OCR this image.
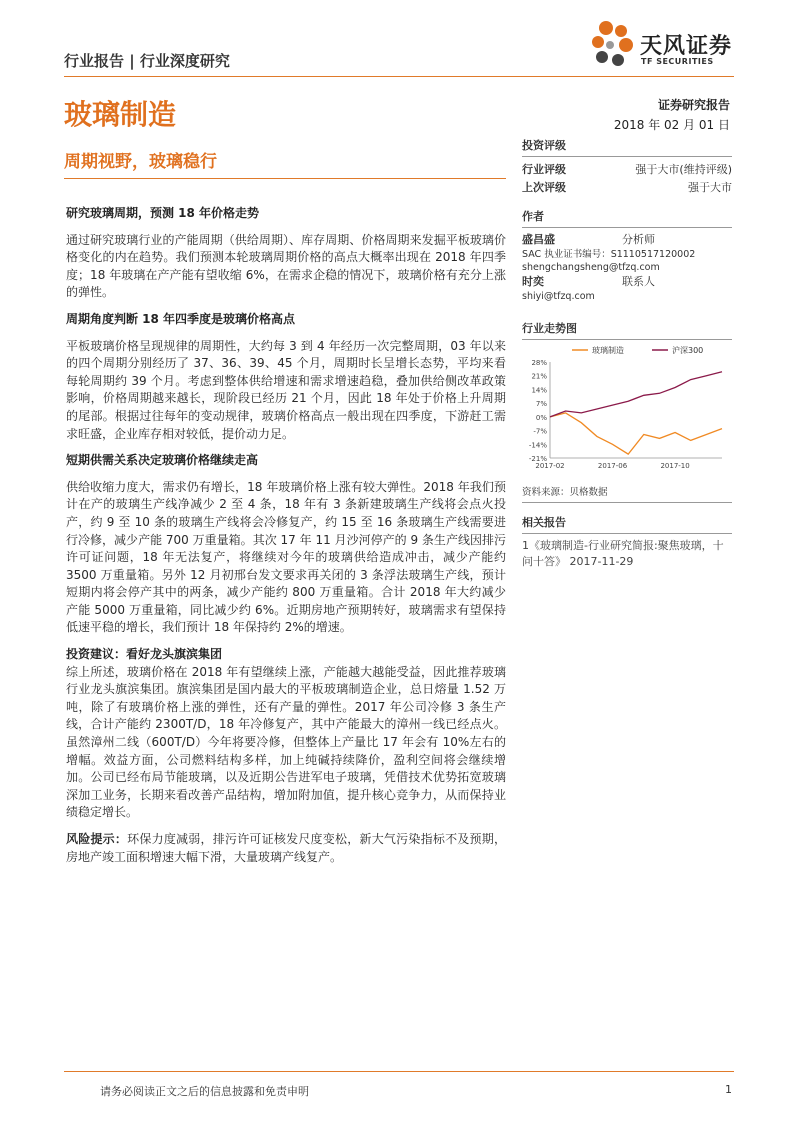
行业报告 | 行业深度研究
天风证券
TF SECURITIES
玻璃制造	证券研究报告
2018 年 02 月 01 日
周期视野，玻璃稳行
研究玻璃周期，预测 18 年价格走势

通过研究玻璃行业的产能周期（供给周期）、库存周期、价格周期来发掘平板玻璃价格变化的内在趋势。我们预测本轮玻璃周期价格的高点大概率出现在 2018 年四季度；18 年玻璃在产产能有望收缩 6%，在需求企稳的情况下，玻璃价格有充分上涨的弹性。

周期角度判断 18 年四季度是玻璃价格高点

平板玻璃价格呈现规律的周期性，大约每 3 到 4 年经历一次完整周期，03 年以来的四个周期分别经历了 37、36、39、45 个月，周期时长呈增长态势，平均来看每轮周期约 39 个月。考虑到整体供给增速和需求增速趋稳，叠加供给侧改革政策影响，价格周期越来越长，现阶段已经历 21 个月，因此 18 年处于价格上升周期的尾部。根据过往每年的变动规律，玻璃价格高点一般出现在四季度，下游赶工需求旺盛，企业库存相对较低，提价动力足。

短期供需关系决定玻璃价格继续走高

供给收缩力度大，需求仍有增长，18 年玻璃价格上涨有较大弹性。2018 年我们预计在产的玻璃生产线净减少 2 至 4 条，18 年有 3 条新建玻璃生产线将会点火投产，约 9 至 10 条的玻璃生产线将会冷修复产，约 15 至 16 条玻璃生产线需要进行冷修，减少产能 700 万重量箱。其次 17 年 11 月沙河停产的 9 条生产线因排污许可证问题，18 年无法复产，将继续对今年的玻璃供给造成冲击，减少产能约 3500 万重量箱。另外 12 月初邢台发文要求再关闭的 3 条浮法玻璃生产线，预计短期内将会停产其中的两条，减少产能约 800 万重量箱。合计 2018 年大约减少产能 5000 万重量箱，同比减少约 6%。近期房地产预期转好，玻璃需求有望保持低速平稳的增长，我们预计 18 年保持约 2%的增速。

投资建议：看好龙头旗滨集团

综上所述，玻璃价格在 2018 年有望继续上涨，产能越大越能受益，因此推荐玻璃行业龙头旗滨集团。旗滨集团是国内最大的平板玻璃制造企业，总日熔量 1.52 万吨，除了有玻璃价格上涨的弹性，还有产量的弹性。2017 年公司冷修 3 条生产线，合计产能约 2300T/D，18 年冷修复产，其中产能最大的漳州一线已经点火。虽然漳州二线（600T/D）今年将要冷修，但整体上产量比 17 年会有 10%左右的增幅。效益方面，公司燃料结构多样，加上纯碱持续降价，盈利空间将会继续增加。公司已经布局节能玻璃，以及近期公告进军电子玻璃，凭借技术优势拓宽玻璃深加工业务，长期来看改善产品结构，增加附加值，提升核心竞争力，从而保持业绩稳定增长。

风险提示：环保力度减弱，排污许可证核发尺度变松，新大气污染指标不及预期，房地产竣工面积增速大幅下滑，大量玻璃产线复产。

投资评级
行业评级	强于大市(维持评级)
上次评级	强于大市
作者
盛昌盛	分析师
SAC 执业证书编号：S1110517120002
shengchangsheng@tfzq.com
时奕	联系人
shiyi@tfzq.com
行业走势图
28%
21%
14%
7%
0%
-7%
-14%
-21%
2017-02	2017-06	2017-10
玻璃制造	沪深300
资料来源：贝格数据
相关报告
1《玻璃制造-行业研究简报:聚焦玻璃，十问十答》 2017-11-29
请务必阅读正文之后的信息披露和免责申明	1
